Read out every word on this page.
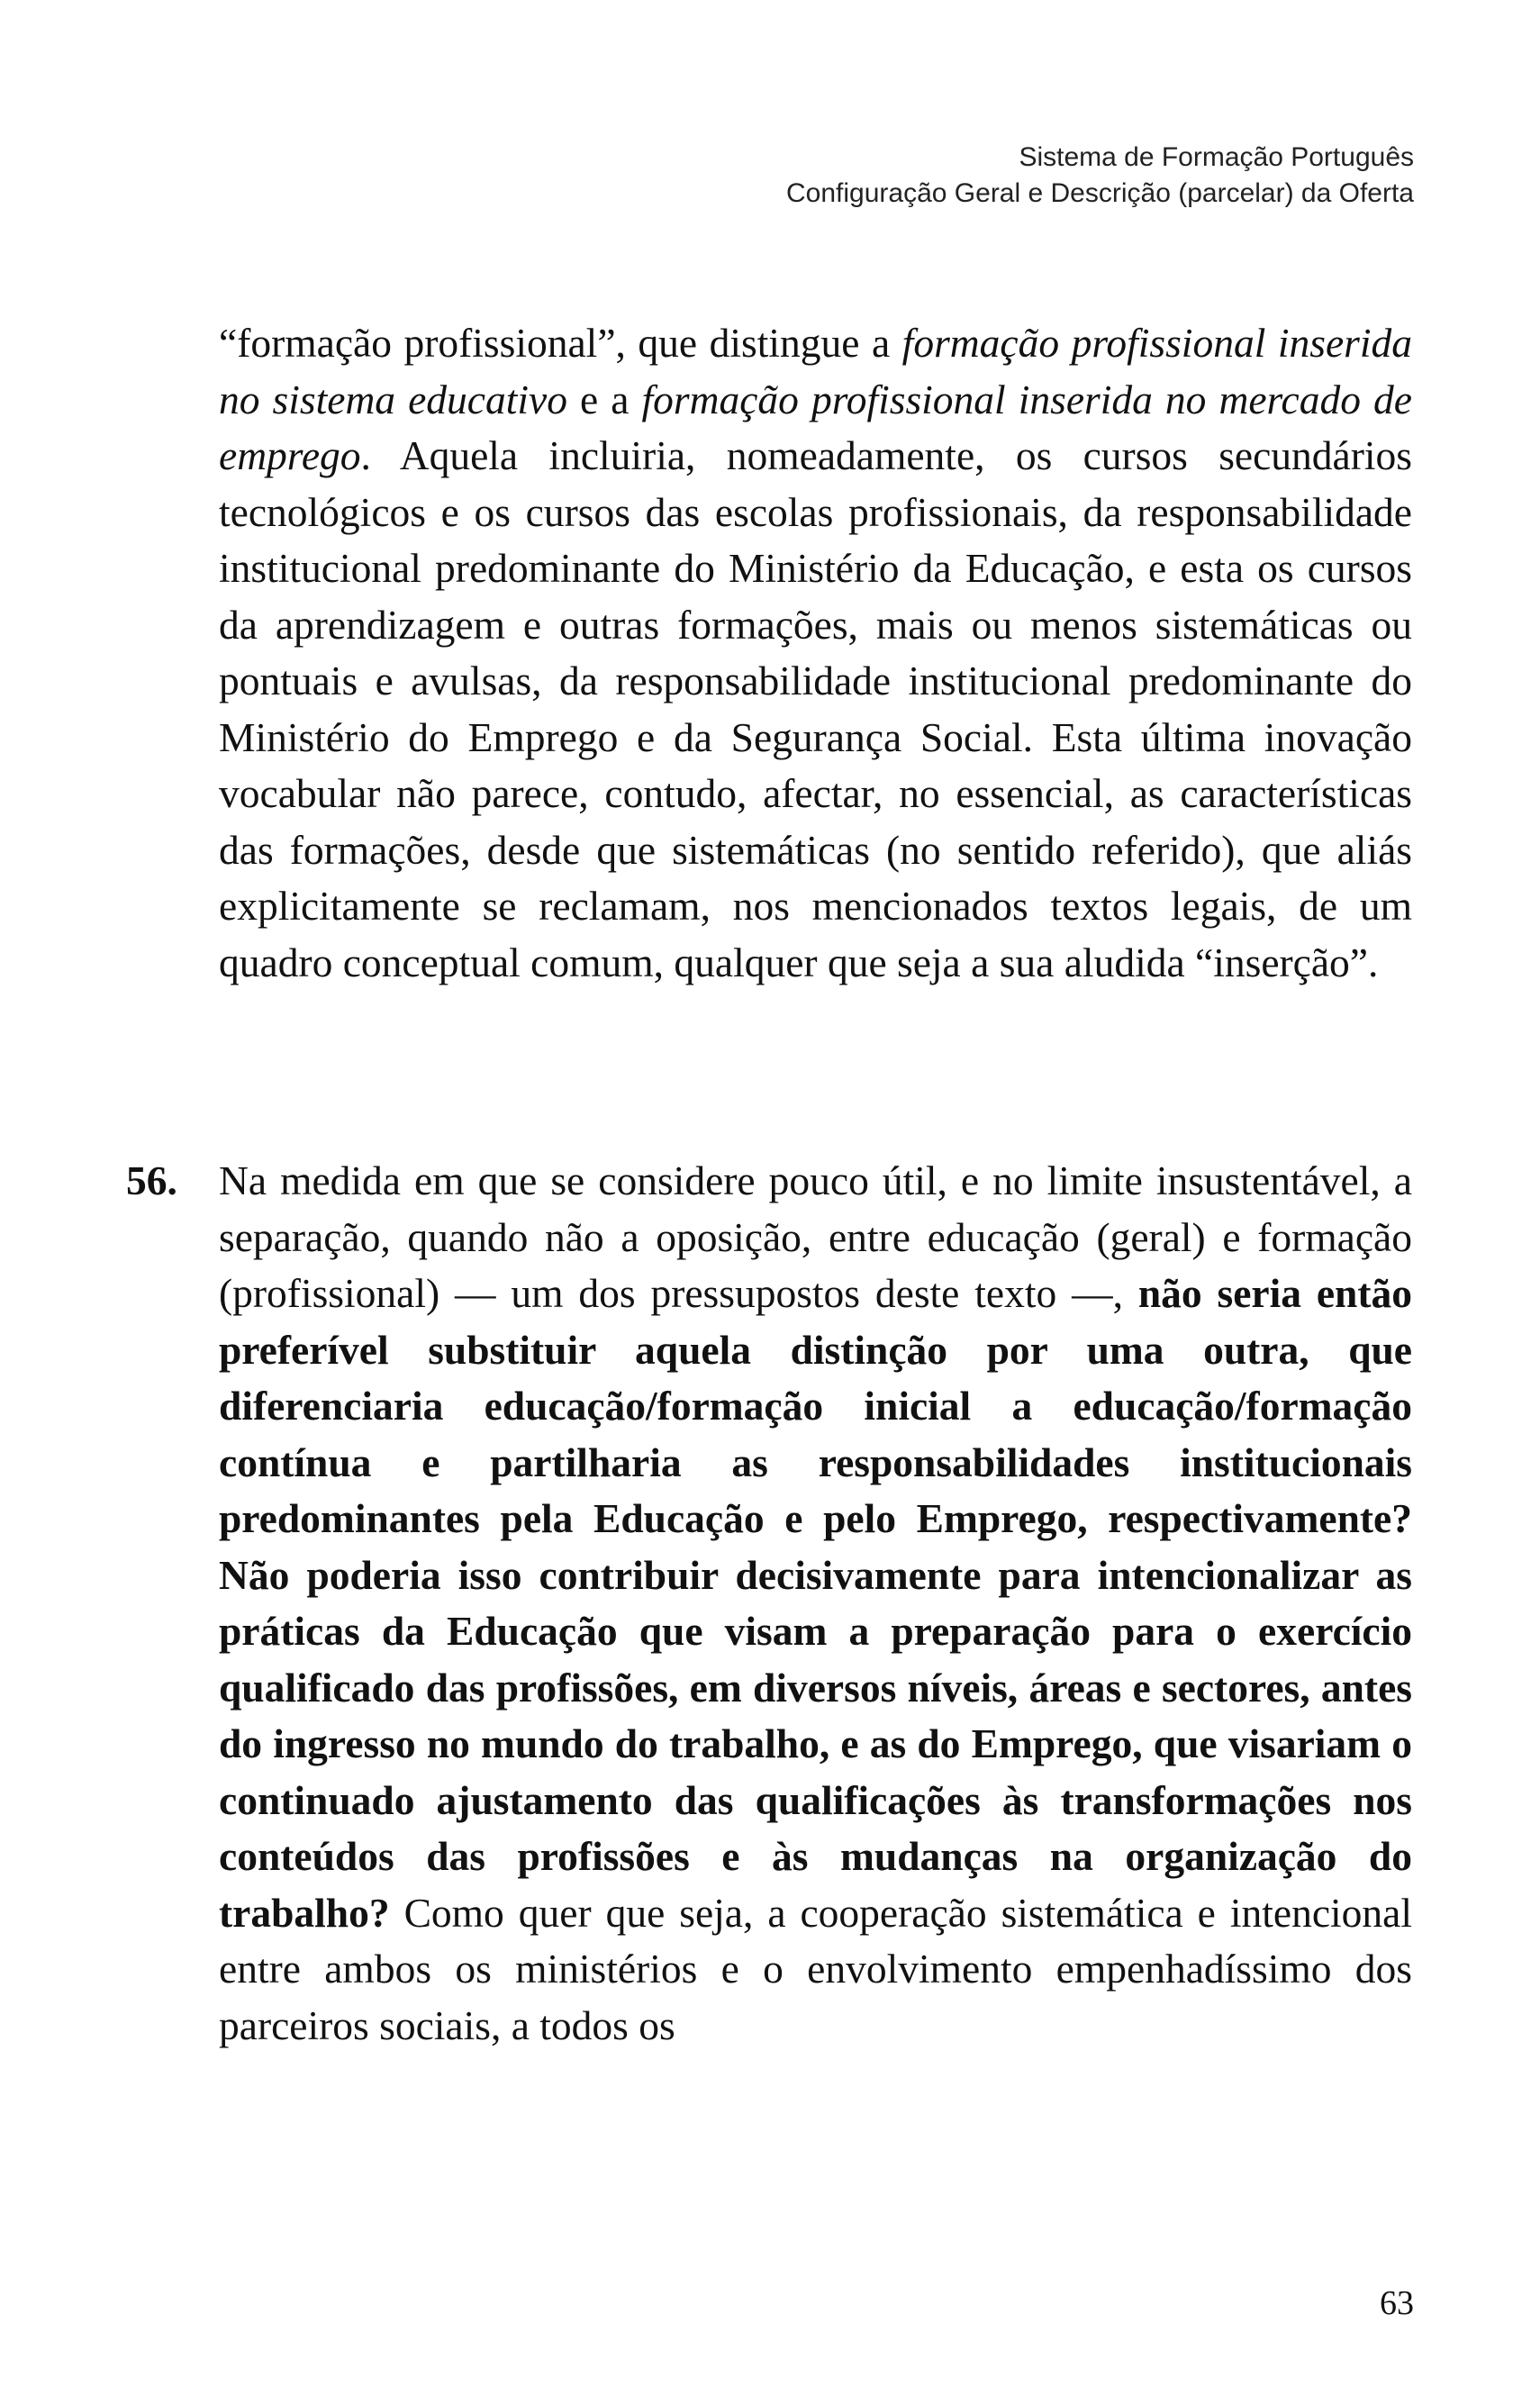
Sistema de Formação Português
Configuração Geral e Descrição (parcelar) da Oferta

“formação profissional”, que distingue a formação profissional inserida no sistema educativo e a formação profissional inserida no mercado de emprego. Aquela incluiria, nomeadamente, os cursos secundários tecnológicos e os cursos das escolas profissionais, da responsabilidade institucional predominante do Ministério da Educação, e esta os cursos da aprendizagem e outras formações, mais ou menos sistemáticas ou pontuais e avulsas, da responsabilidade institucional predominante do Ministério do Emprego e da Segurança Social. Esta última inovação vocabular não parece, contudo, afectar, no essencial, as características das formações, desde que sistemáticas (no sentido referido), que aliás explicitamente se reclamam, nos mencionados textos legais, de um quadro conceptual comum, qualquer que seja a sua aludida “inserção”.

56. Na medida em que se considere pouco útil, e no limite insustentável, a separação, quando não a oposição, entre educação (geral) e formação (profissional) — um dos pressupostos deste texto —, não seria então preferível substituir aquela distinção por uma outra, que diferenciaria educação/formação inicial a educação/formação contínua e partilharia as responsabilidades institucionais predominantes pela Educação e pelo Emprego, respectivamente? Não poderia isso contribuir decisivamente para intencionalizar as práticas da Educação que visam a preparação para o exercício qualificado das profissões, em diversos níveis, áreas e sectores, antes do ingresso no mundo do trabalho, e as do Emprego, que visariam o continuado ajustamento das qualificações às transformações nos conteúdos das profissões e às mudanças na organização do trabalho? Como quer que seja, a cooperação sistemática e intencional entre ambos os ministérios e o envolvimento empenhadíssimo dos parceiros sociais, a todos os

63
